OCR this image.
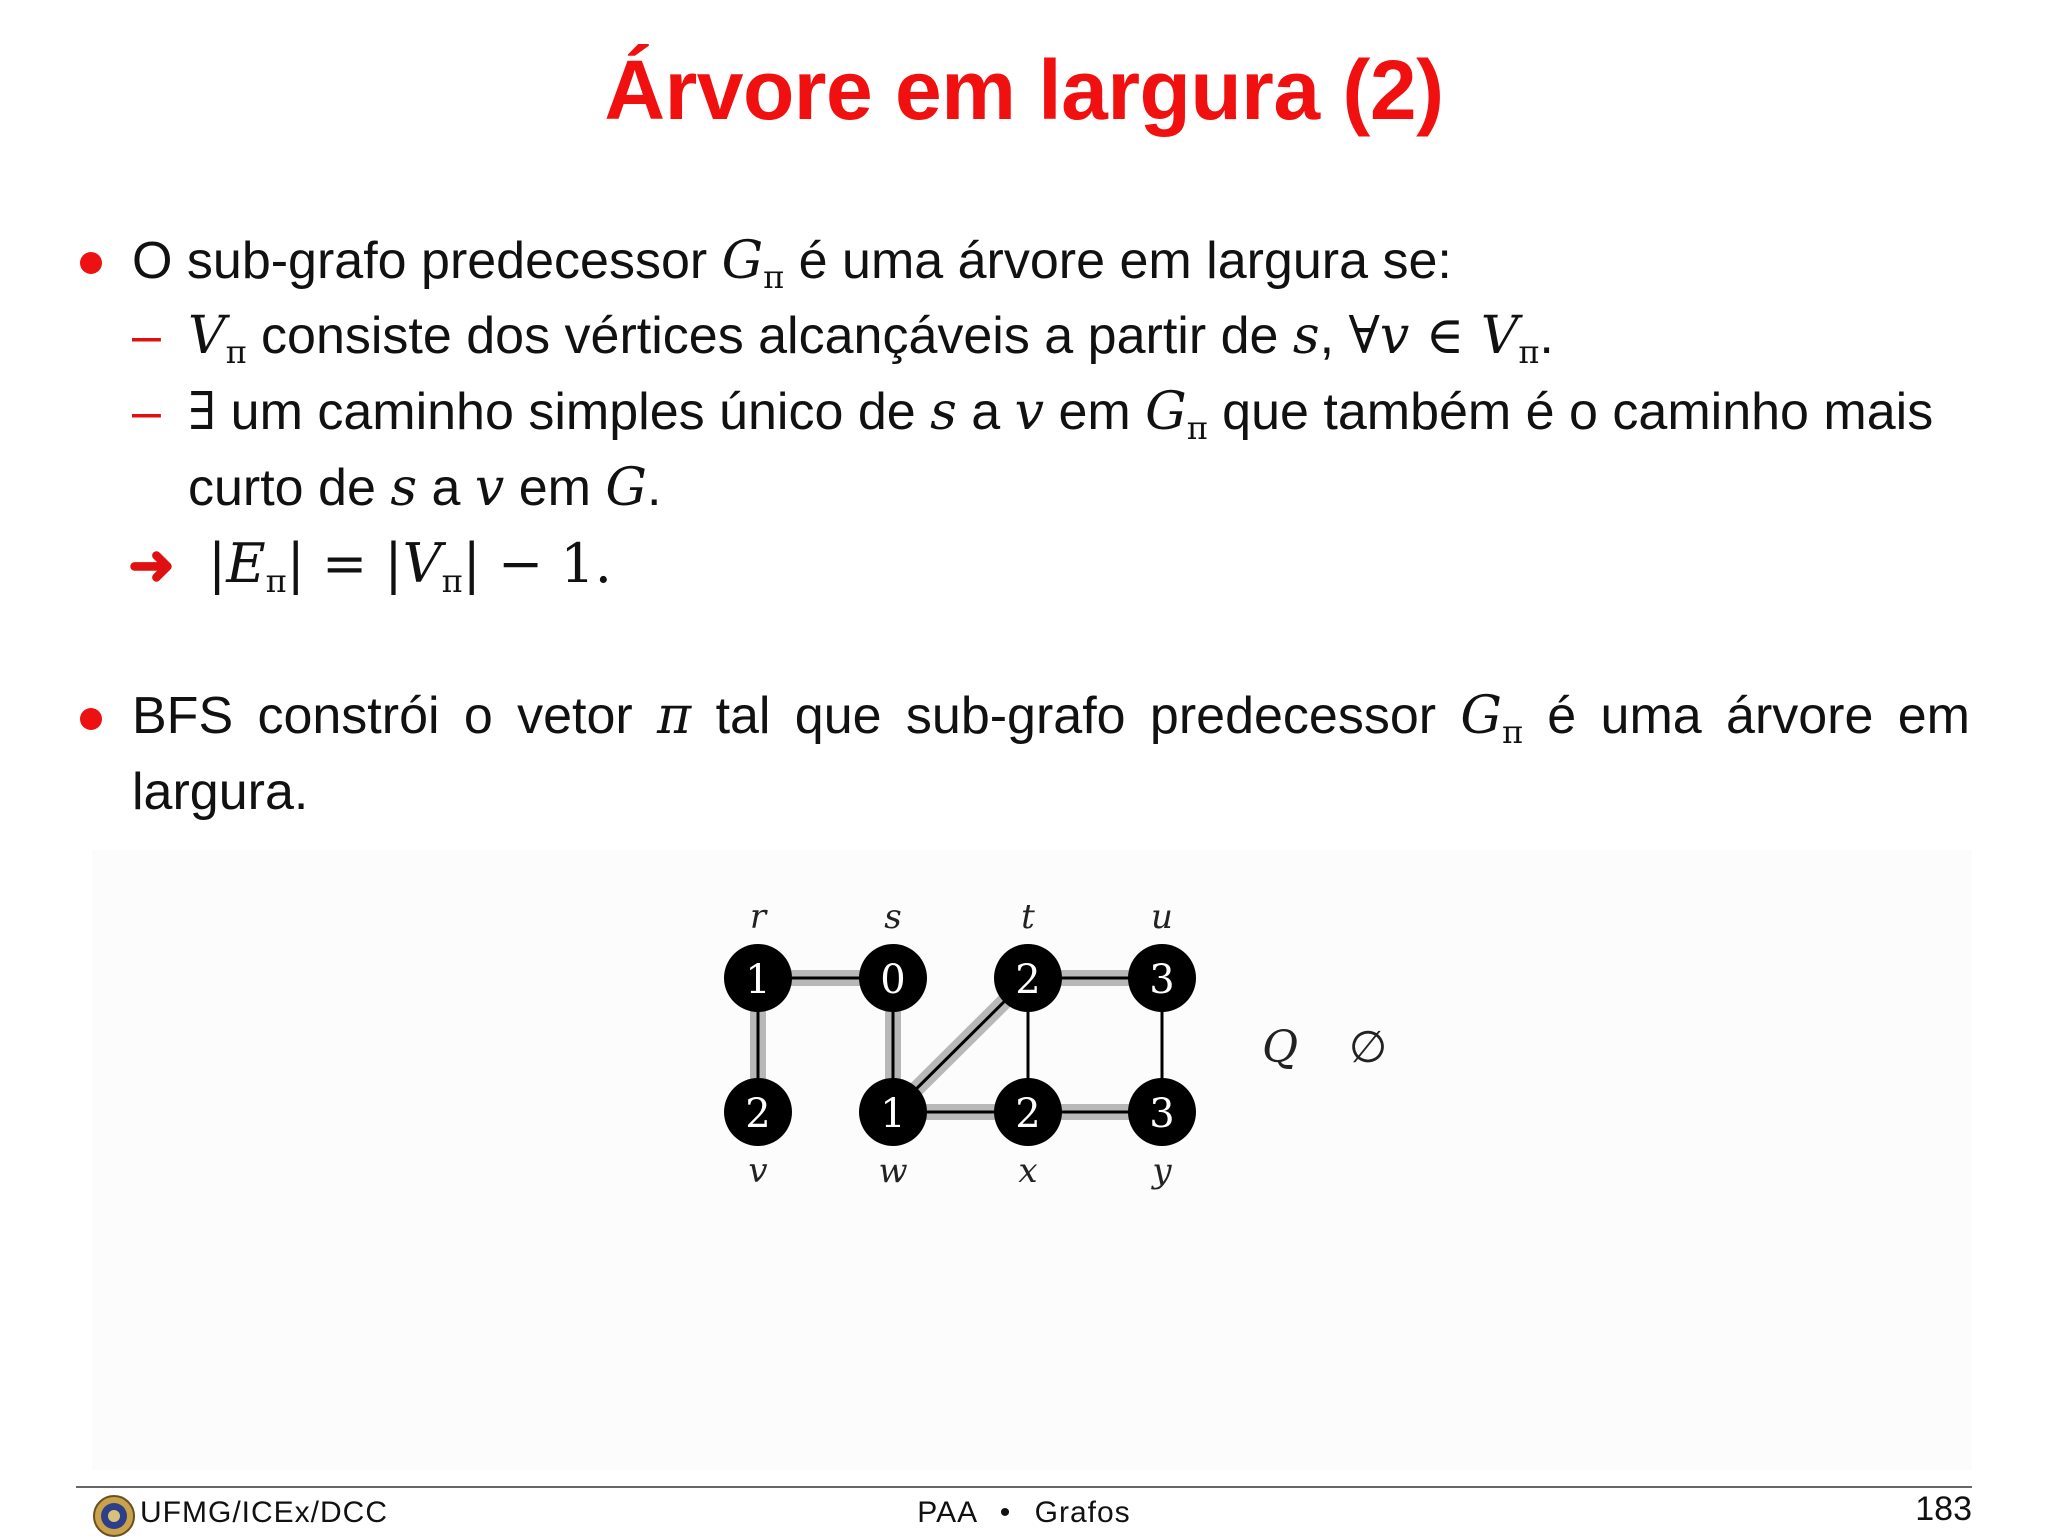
Árvore em largura (2)
O sub-grafo predecessor $G_\pi$ é uma árvore em largura se:
– $V_\pi$ consiste dos vértices alcançáveis a partir de s, ∀v ∈ $V_\pi$.
– ∃ um caminho simples único de s a v em $G_\pi$ que também é o caminho mais
curto de s a v em G.
➜ $|E_\pi| = |V_\pi| - 1$.
BFS constrói o vetor π tal que sub-grafo predecessor $G_\pi$ é uma árvore em
largura.
1
r
0
s
2
t
3
u
2
v
1
w
2
x
3
y
Q ∅
UFMG/ICEx/DCC	PAA • Grafos	183
